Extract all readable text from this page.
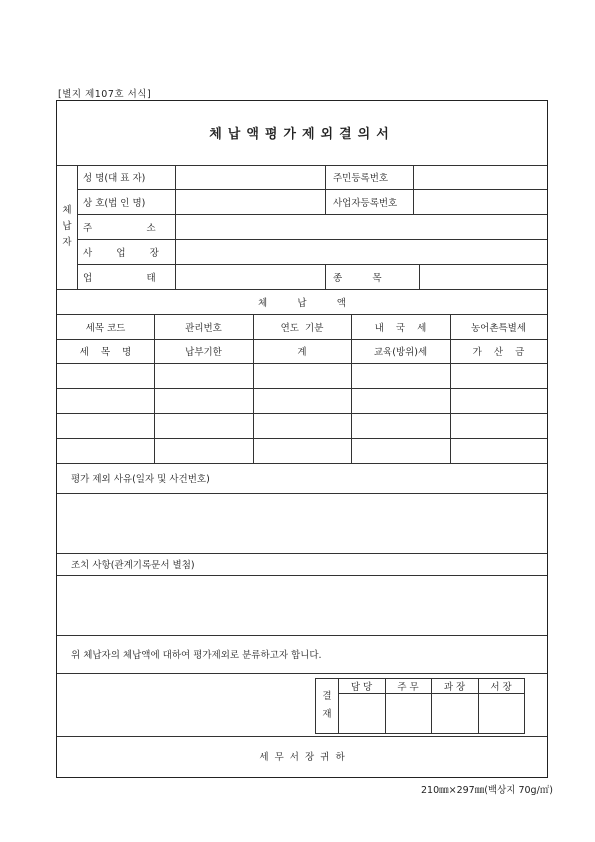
[별지 제107호 서식]
체납액평가제외결의서
체납자
성 명(대 표 자)	주민등록번호
상 호(법 인 명)	사업자등록번호
주                  소
사        업        장
업                  태	종          목
체          납          액
세목 코드	관리번호	연도  기분	내    국    세	농어촌특별세
세    목    명	납부기한	계	교육(방위)세	가    산    금
평가 제외 사유(일자 및 사건번호)
조치 사항(관계기록문서 별첨)
위 체납자의 체납액에 대하여 평가제외로 분류하고자 합니다.
결재
담 당	주 무	과 장	서 장
세  무  서  장  귀  하
210㎜×297㎜(백상지 70g/㎡)
